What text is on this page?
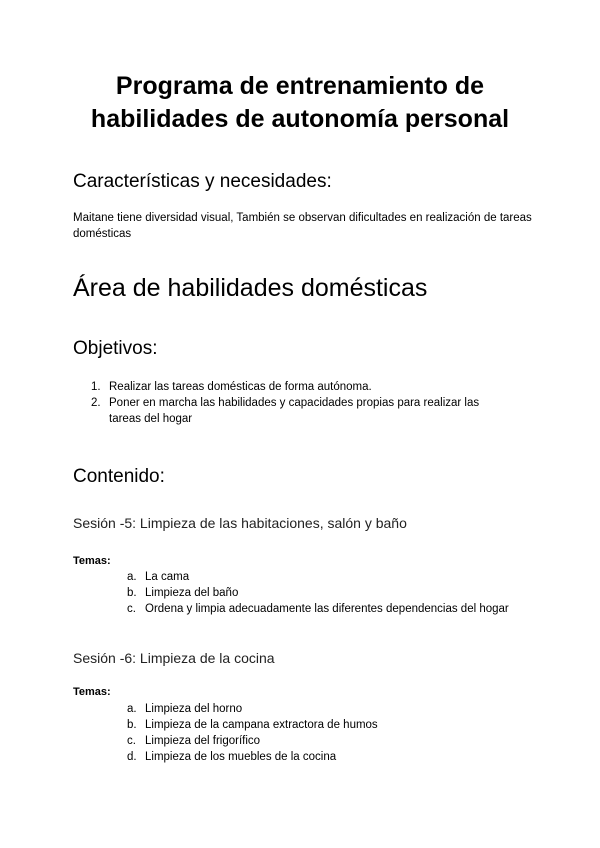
Programa de entrenamiento de
habilidades de autonomía personal
Características y necesidades:

Maitane tiene diversidad visual, También se observan dificultades en realización de tareas domésticas

Área de habilidades domésticas
Objetivos:
1. Realizar las tareas domésticas de forma autónoma.
2. Poner en marcha las habilidades y capacidades propias para realizar las tareas del hogar
Contenido:

Sesión -5: Limpieza de las habitaciones, salón y baño

Temas:

a. La cama
b. Limpieza del baño
c. Ordena y limpia adecuadamente las diferentes dependencias del hogar

Sesión -6: Limpieza de la cocina

Temas:

a. Limpieza del horno
b. Limpieza de la campana extractora de humos
c. Limpieza del frigorífico
d. Limpieza de los muebles de la cocina
